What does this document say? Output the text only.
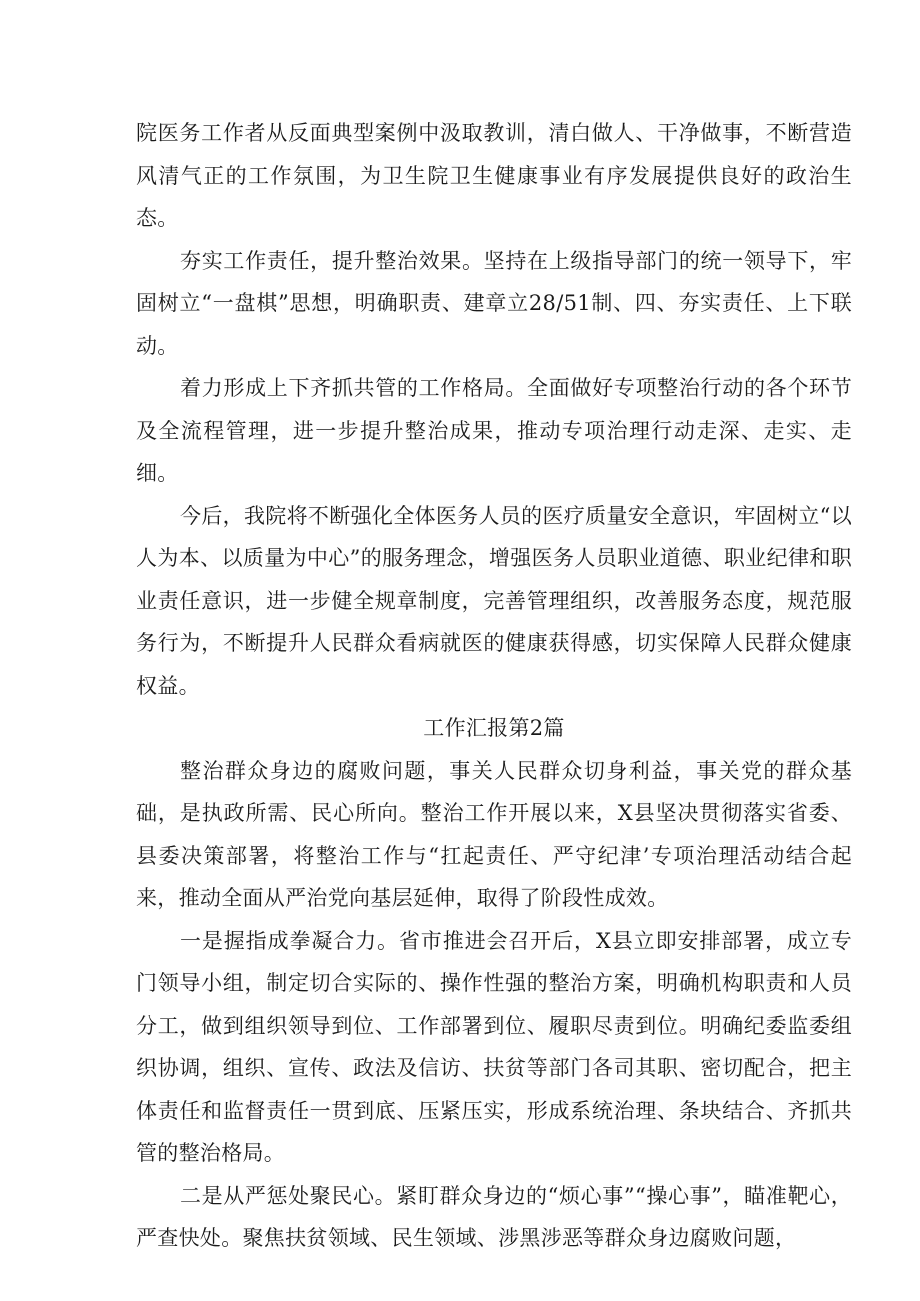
院医务工作者从反面典型案例中汲取教训，清白做人、干净做事，不断营造风清气正的工作氛围，为卫生院卫生健康事业有序发展提供良好的政治生态。

夯实工作责任，提升整治效果。坚持在上级指导部门的统一领导下，牢固树立“一盘棋”思想，明确职责、建章立28/51制、四、夯实责任、上下联动。

着力形成上下齐抓共管的工作格局。全面做好专项整治行动的各个环节及全流程管理，进一步提升整治成果，推动专项治理行动走深、走实、走细。

今后，我院将不断强化全体医务人员的医疗质量安全意识，牢固树立“以人为本、以质量为中心”的服务理念，增强医务人员职业道德、职业纪律和职业责任意识，进一步健全规章制度，完善管理组织，改善服务态度，规范服务行为，不断提升人民群众看病就医的健康获得感，切实保障人民群众健康权益。

工作汇报第2篇

整治群众身边的腐败问题，事关人民群众切身利益，事关党的群众基础，是执政所需、民心所向。整治工作开展以来，X县坚决贯彻落实省委、县委决策部署，将整治工作与“扛起责任、严守纪津’专项治理活动结合起来，推动全面从严治党向基层延伸，取得了阶段性成效。

一是握指成拳凝合力。省市推进会召开后，X县立即安排部署，成立专门领导小组，制定切合实际的、操作性强的整治方案，明确机构职责和人员分工，做到组织领导到位、工作部署到位、履职尽责到位。明确纪委监委组织协调，组织、宣传、政法及信访、扶贫等部门各司其职、密切配合，把主体责任和监督责任一贯到底、压紧压实，形成系统治理、条块结合、齐抓共管的整治格局。

二是从严惩处聚民心。紧盯群众身边的“烦心事”“操心事”，瞄准靶心，严查快处。聚焦扶贫领域、民生领域、涉黑涉恶等群众身边腐败问题，
